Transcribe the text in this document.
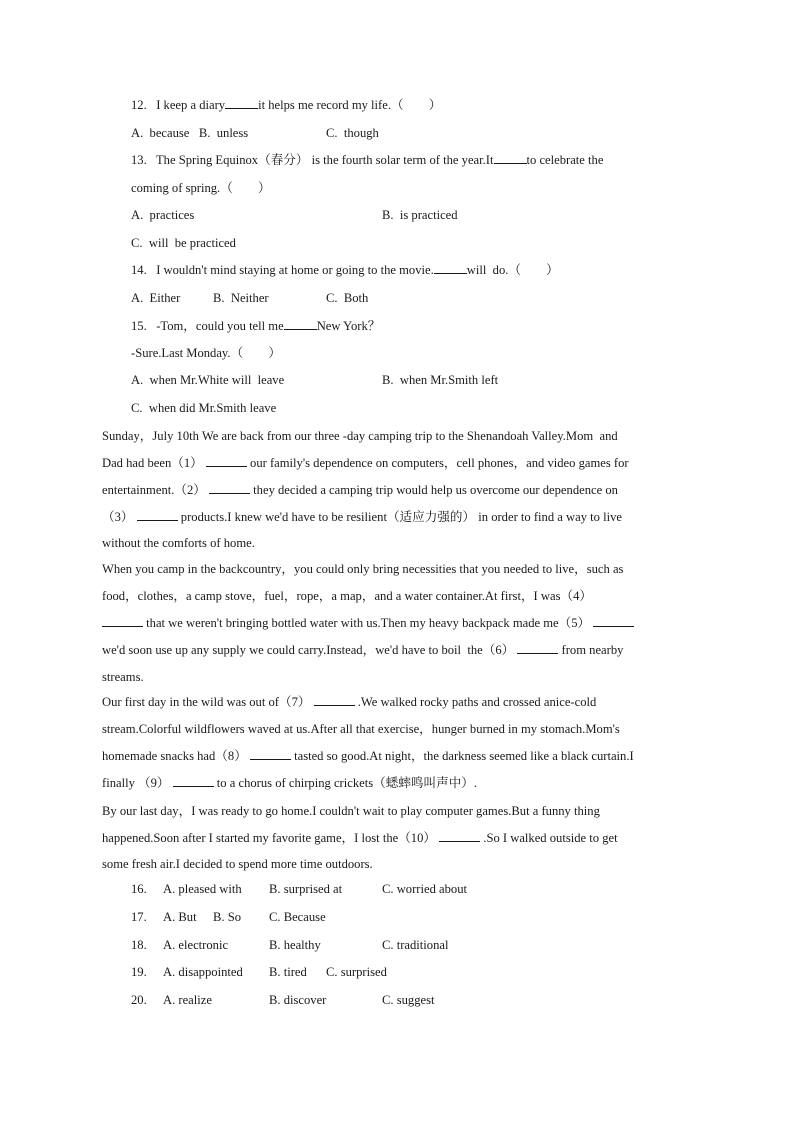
12. I keep a diary	it helps me record my life.（　　）
A. because B. unless	C. though
13. The Spring Equinox（春分） is the fourth solar term of the year.It	to celebrate the
coming of spring.（　　）
A. practices	B. is practiced
C. will  be practiced
14. I wouldn't mind staying at home or going to the movie.	will  do.（　　）
A. Either	B. Neither	C. Both
15. -Tom，could you tell me	New York？
-Sure.Last Monday.（　　）
A. when Mr.White will  leave	B. when Mr.Smith left
C. when did Mr.Smith leave
Sunday，July 10th We are back from our three -day camping trip to the Shenandoah Valley.Mom  and
Dad had been（1）	our family's dependence on computers，cell phones，and video games for
entertainment.（2）	they decided a camping trip would help us overcome our dependence on
（3）	products.I knew we'd have to be resilient（适应力强的） in order to find a way to live
without the comforts of home.
When you camp in the backcountry，you could only bring necessities that you needed to live，such as
food，clothes，a camp stove，fuel，rope，a map，and a water container.At first，I was（4）
that we weren't bringing bottled water with us.Then my heavy backpack made me（5）
we'd soon use up any supply we could carry.Instead，we'd have to boil  the（6）	from nearby
streams.
Our first day in the wild was out of（7）	.We walked rocky paths and crossed anice-cold
stream.Colorful wildflowers waved at us.After all that exercise，hunger burned in my stomach.Mom's
homemade snacks had（8）	tasted so good.At night，the darkness seemed like a black curtain.I
finally （9）	to a chorus of chirping crickets（蟋蟀鸣叫声中）.
By our last day，I was ready to go home.I couldn't wait to play computer games.But a funny thing
happened.Soon after I started my favorite game，I lost the（10）	.So I walked outside to get
some fresh air.I decided to spend more time outdoors.
16. A. pleased with B. surprised at	C. worried about
17. A. But B. So C. Because
18. A. electronic	B. healthy	C. traditional
19. A. disappointed B. tired C. surprised
20. A. realize	B. discover	C. suggest
